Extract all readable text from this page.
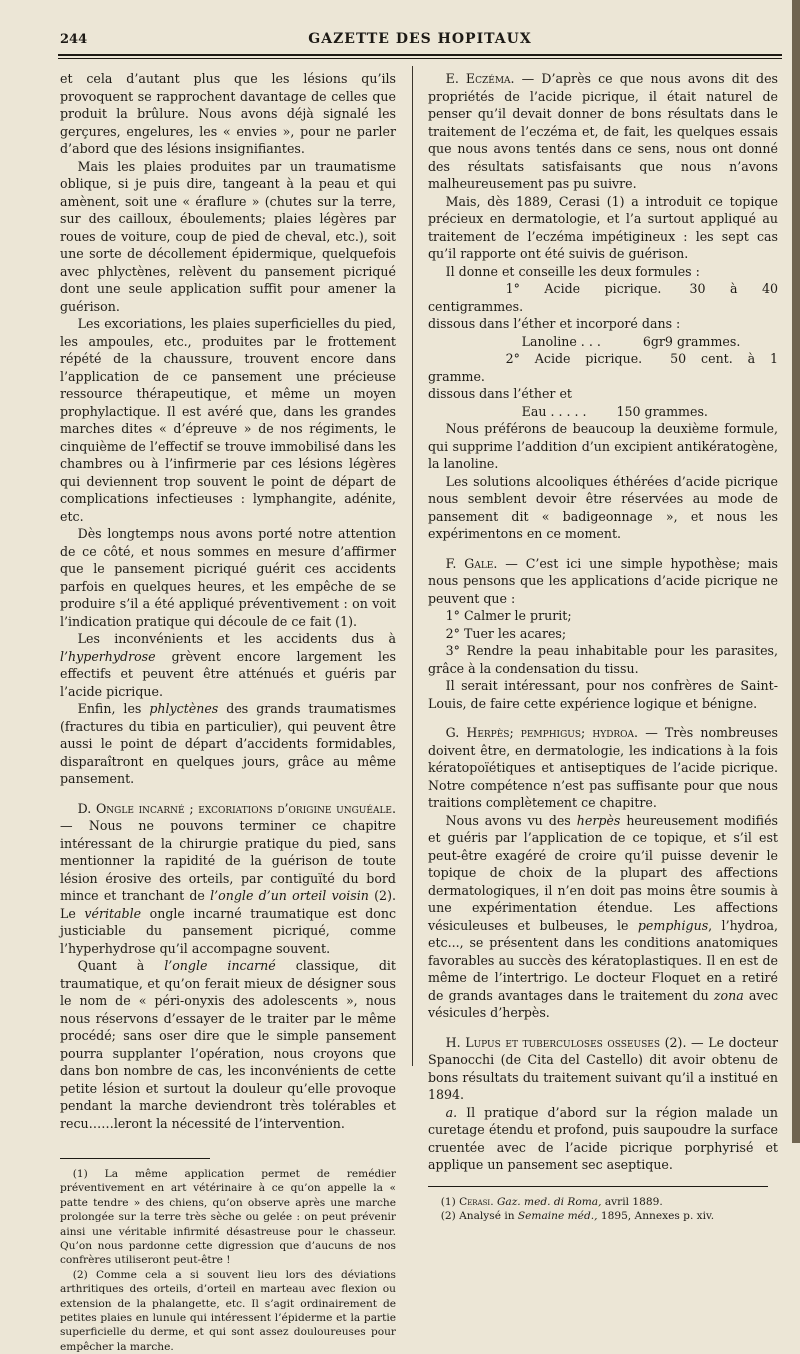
244	GAZETTE DES HOPITAUX

et cela d’autant plus que les lésions qu’ils provoquent se rapprochent davantage de celles que produit la brûlure. Nous avons déjà signalé les gerçures, engelures, les « envies », pour ne parler d’abord que des lésions insignifiantes.

Mais les plaies produites par un traumatisme oblique, si je puis dire, tangeant à la peau et qui amènent, soit une « éraflure » (chutes sur la terre, sur des cailloux, éboulements; plaies légères par roues de voiture, coup de pied de cheval, etc.), soit une sorte de décollement épidermique, quelquefois avec phlyctènes, relèvent du pansement picriqué dont une seule application suffit pour amener la guérison.

Les excoriations, les plaies superficielles du pied, les ampoules, etc., produites par le frottement répété de la chaussure, trouvent encore dans l’application de ce pansement une précieuse ressource thérapeutique, et même un moyen prophylactique. Il est avéré que, dans les grandes marches dites « d’épreuve » de nos régiments, le cinquième de l’effectif se trouve immobilisé dans les chambres ou à l’infirmerie par ces lésions légères qui deviennent trop souvent le point de départ de complications infectieuses : lymphangite, adénite, etc.

Dès longtemps nous avons porté notre attention de ce côté, et nous sommes en mesure d’affirmer que le pansement picriqué guérit ces accidents parfois en quelques heures, et les empêche de se produire s’il a été appliqué préventivement : on voit l’indication pratique qui découle de ce fait (1).

Les inconvénients et les accidents dus à l’hyperhydrose grèvent encore largement les effectifs et peuvent être atténués et guéris par l’acide picrique.

Enfin, les phlyctènes des grands traumatismes (fractures du tibia en particulier), qui peuvent être aussi le point de départ d’accidents formidables, disparaîtront en quelques jours, grâce au même pansement.

D. Ongle incarné ; excoriations d’origine unguéale. — Nous ne pouvons terminer ce chapitre intéressant de la chirurgie pratique du pied, sans mentionner la rapidité de la guérison de toute lésion érosive des orteils, par contiguïté du bord mince et tranchant de l’ongle d’un orteil voisin (2). Le véritable ongle incarné traumatique est donc justiciable du pansement picriqué, comme l’hyperhydrose qu’il accompagne souvent.

Quant à l’ongle incarné classique, dit traumatique, et qu’on ferait mieux de désigner sous le nom de « péri-onyxis des adolescents », nous nous réservons d’essayer de le traiter par le même procédé; sans oser dire que le simple pansement pourra supplanter l’opération, nous croyons que dans bon nombre de cas, les inconvénients de cette petite lésion et surtout la douleur qu’elle provoque pendant la marche deviendront très tolérables et recu……leront la nécessité de l’intervention.

(1) La même application permet de remédier préventivement en art vétérinaire à ce qu’on appelle la « patte tendre » des chiens, qu’on observe après une marche prolongée sur la terre très sèche ou gelée : on peut prévenir ainsi une véritable infirmité désastreuse pour le chasseur. Qu’on nous pardonne cette digression que d’aucuns de nos confrères utiliseront peut-être !

(2) Comme cela a si souvent lieu lors des déviations arthritiques des orteils, d’orteil en marteau avec flexion ou extension de la phalangette, etc. Il s’agit ordinairement de petites plaies en lunule qui intéressent l’épiderme et la partie superficielle du derme, et qui sont assez douloureuses pour empêcher la marche.

E. Eczéma. — D’après ce que nous avons dit des propriétés de l’acide picrique, il était naturel de penser qu’il devait donner de bons résultats dans le traitement de l’eczéma et, de fait, les quelques essais que nous avons tentés dans ce sens, nous ont donné des résultats satisfaisants que nous n’avons malheureusement pas pu suivre.

Mais, dès 1889, Cerasi (1) a introduit ce topique précieux en dermatologie, et l’a surtout appliqué au traitement de l’eczéma impétigineux : les sept cas qu’il rapporte ont été suivis de guérison.

Il donne et conseille les deux formules :

1° Acide picrique. 30 à 40 centigrammes.

dissous dans l’éther et incorporé dans :

Lanoline . . .	6gr9 grammes.

2° Acide picrique. 50 cent. à 1 gramme.

dissous dans l’éther et

Eau . . . . . 150 grammes.

Nous préférons de beaucoup la deuxième formule, qui supprime l’addition d’un excipient antikératogène, la lanoline.

Les solutions alcooliques éthérées d’acide picrique nous semblent devoir être réservées au mode de pansement dit « badigeonnage », et nous les expérimentons en ce moment.

F. Gale. — C’est ici une simple hypothèse; mais nous pensons que les applications d’acide picrique ne peuvent que :

1° Calmer le prurit;

2° Tuer les acares;

3° Rendre la peau inhabitable pour les parasites, grâce à la condensation du tissu.

Il serait intéressant, pour nos confrères de Saint-Louis, de faire cette expérience logique et bénigne.

G. Herpès; pemphigus; hydroa. — Très nombreuses doivent être, en dermatologie, les indications à la fois kératopoïétiques et antiseptiques de l’acide picrique. Notre compétence n’est pas suffisante pour que nous traitions complètement ce chapitre.

Nous avons vu des herpès heureusement modifiés et guéris par l’application de ce topique, et s’il est peut-être exagéré de croire qu’il puisse devenir le topique de choix de la plupart des affections dermatologiques, il n’en doit pas moins être soumis à une expérimentation étendue. Les affections vésiculeuses et bulbeuses, le pemphigus, l’hydroa, etc..., se présentent dans les conditions anatomiques favorables au succès des kératoplastiques. Il en est de même de l’intertrigo. Le docteur Floquet en a retiré de grands avantages dans le traitement du zona avec vésicules d’herpès.

H. Lupus et tuberculoses osseuses (2). — Le docteur Spanocchi (de Cita del Castello) dit avoir obtenu de bons résultats du traitement suivant qu’il a institué en 1894.

a. Il pratique d’abord sur la région malade un curetage étendu et profond, puis saupoudre la surface cruentée avec de l’acide picrique porphyrisé et applique un pansement sec aseptique.

(1) Cerasi. Gaz. med. di Roma, avril 1889.

(2) Analysé in Semaine méd., 1895, Annexes p. xiv.
